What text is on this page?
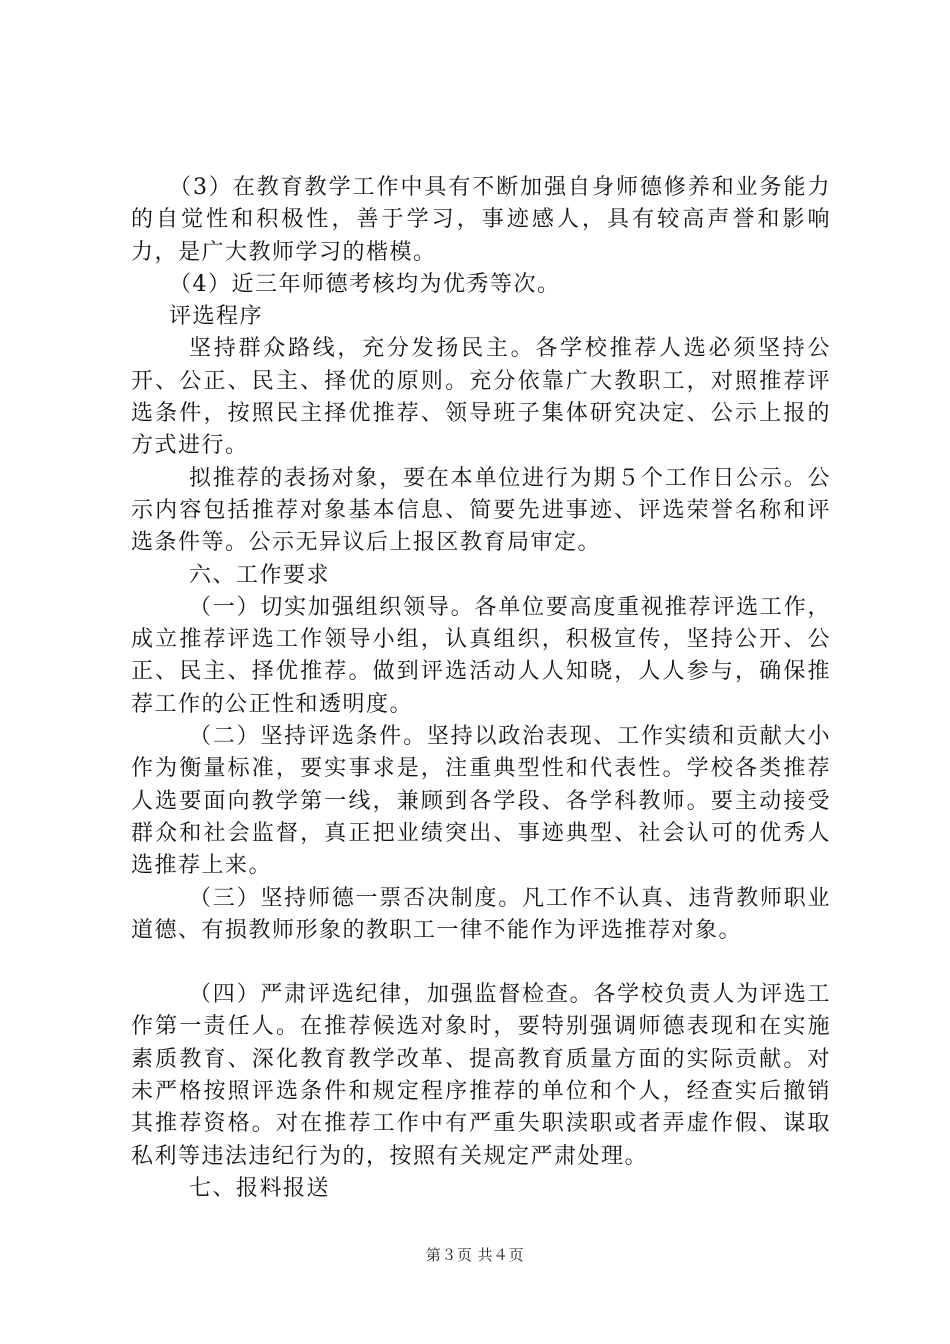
（3）在教育教学工作中具有不断加强自身师德修养和业务能力的自觉性和积极性，善于学习，事迹感人，具有较高声誉和影响力，是广大教师学习的楷模。

（4）近三年师德考核均为优秀等次。

评选程序

坚持群众路线，充分发扬民主。各学校推荐人选必须坚持公开、公正、民主、择优的原则。充分依靠广大教职工，对照推荐评选条件，按照民主择优推荐、领导班子集体研究决定、公示上报的方式进行。

拟推荐的表扬对象，要在本单位进行为期５个工作日公示。公示内容包括推荐对象基本信息、简要先进事迹、评选荣誉名称和评选条件等。公示无异议后上报区教育局审定。

六、工作要求

（一）切实加强组织领导。各单位要高度重视推荐评选工作，成立推荐评选工作领导小组，认真组织，积极宣传，坚持公开、公正、民主、择优推荐。做到评选活动人人知晓，人人参与，确保推荐工作的公正性和透明度。

（二）坚持评选条件。坚持以政治表现、工作实绩和贡献大小作为衡量标准，要实事求是，注重典型性和代表性。学校各类推荐人选要面向教学第一线，兼顾到各学段、各学科教师。要主动接受群众和社会监督，真正把业绩突出、事迹典型、社会认可的优秀人选推荐上来。

（三）坚持师德一票否决制度。凡工作不认真、违背教师职业道德、有损教师形象的教职工一律不能作为评选推荐对象。

（四）严肃评选纪律，加强监督检查。各学校负责人为评选工作第一责任人。在推荐候选对象时，要特别强调师德表现和在实施素质教育、深化教育教学改革、提高教育质量方面的实际贡献。对未严格按照评选条件和规定程序推荐的单位和个人，经查实后撤销其推荐资格。对在推荐工作中有严重失职渎职或者弄虚作假、谋取私利等违法违纪行为的，按照有关规定严肃处理。

七、报料报送

第３页 共４页
